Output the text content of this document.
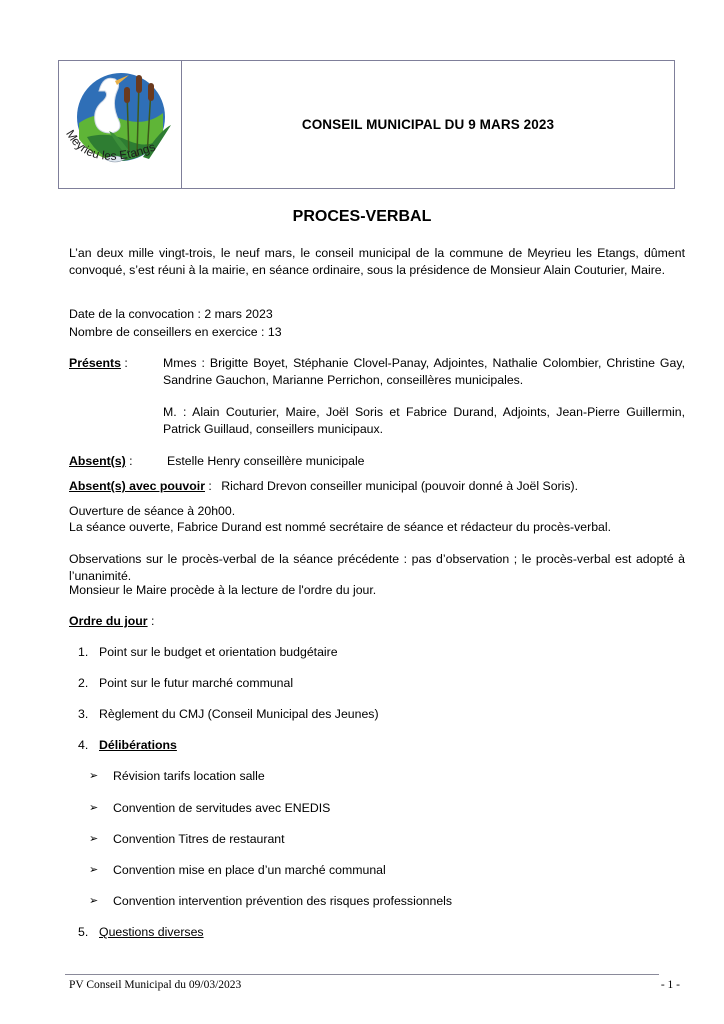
Meyrieu les Etangs
CONSEIL MUNICIPAL DU 9 MARS 2023
PROCES-VERBAL
L’an deux mille vingt-trois, le neuf mars, le conseil municipal de la commune de Meyrieu les Etangs, dûment convoqué, s’est réuni à la mairie, en séance ordinaire, sous la présidence de Monsieur Alain Couturier, Maire.
Date de la convocation : 2 mars 2023
Nombre de conseillers en exercice : 13
Présents :	Mmes : Brigitte Boyet, Stéphanie Clovel-Panay, Adjointes, Nathalie Colombier, Christine Gay, Sandrine Gauchon, Marianne Perrichon, conseillères municipales.
M. : Alain Couturier, Maire, Joël Soris et Fabrice Durand, Adjoints, Jean-Pierre Guillermin, Patrick Guillaud, conseillers municipaux.
Absent(s) :	Estelle Henry conseillère municipale
Absent(s) avec pouvoir : Richard Drevon conseiller municipal (pouvoir donné à Joël Soris).
Ouverture de séance à 20h00.
La séance ouverte, Fabrice Durand est nommé secrétaire de séance et rédacteur du procès-verbal.
Observations sur le procès-verbal de la séance précédente : pas d’observation ; le procès-verbal est adopté à l’unanimité.
Monsieur le Maire procède à la lecture de l'ordre du jour.
Ordre du jour :
1. Point sur le budget et orientation budgétaire
2. Point sur le futur marché communal
3. Règlement du CMJ (Conseil Municipal des Jeunes)
4. Délibérations
➢ Révision tarifs location salle
➢ Convention de servitudes avec ENEDIS
➢ Convention Titres de restaurant
➢ Convention mise en place d’un marché communal
➢ Convention intervention prévention des risques professionnels
5. Questions diverses
PV Conseil Municipal du 09/03/2023	- 1 -
